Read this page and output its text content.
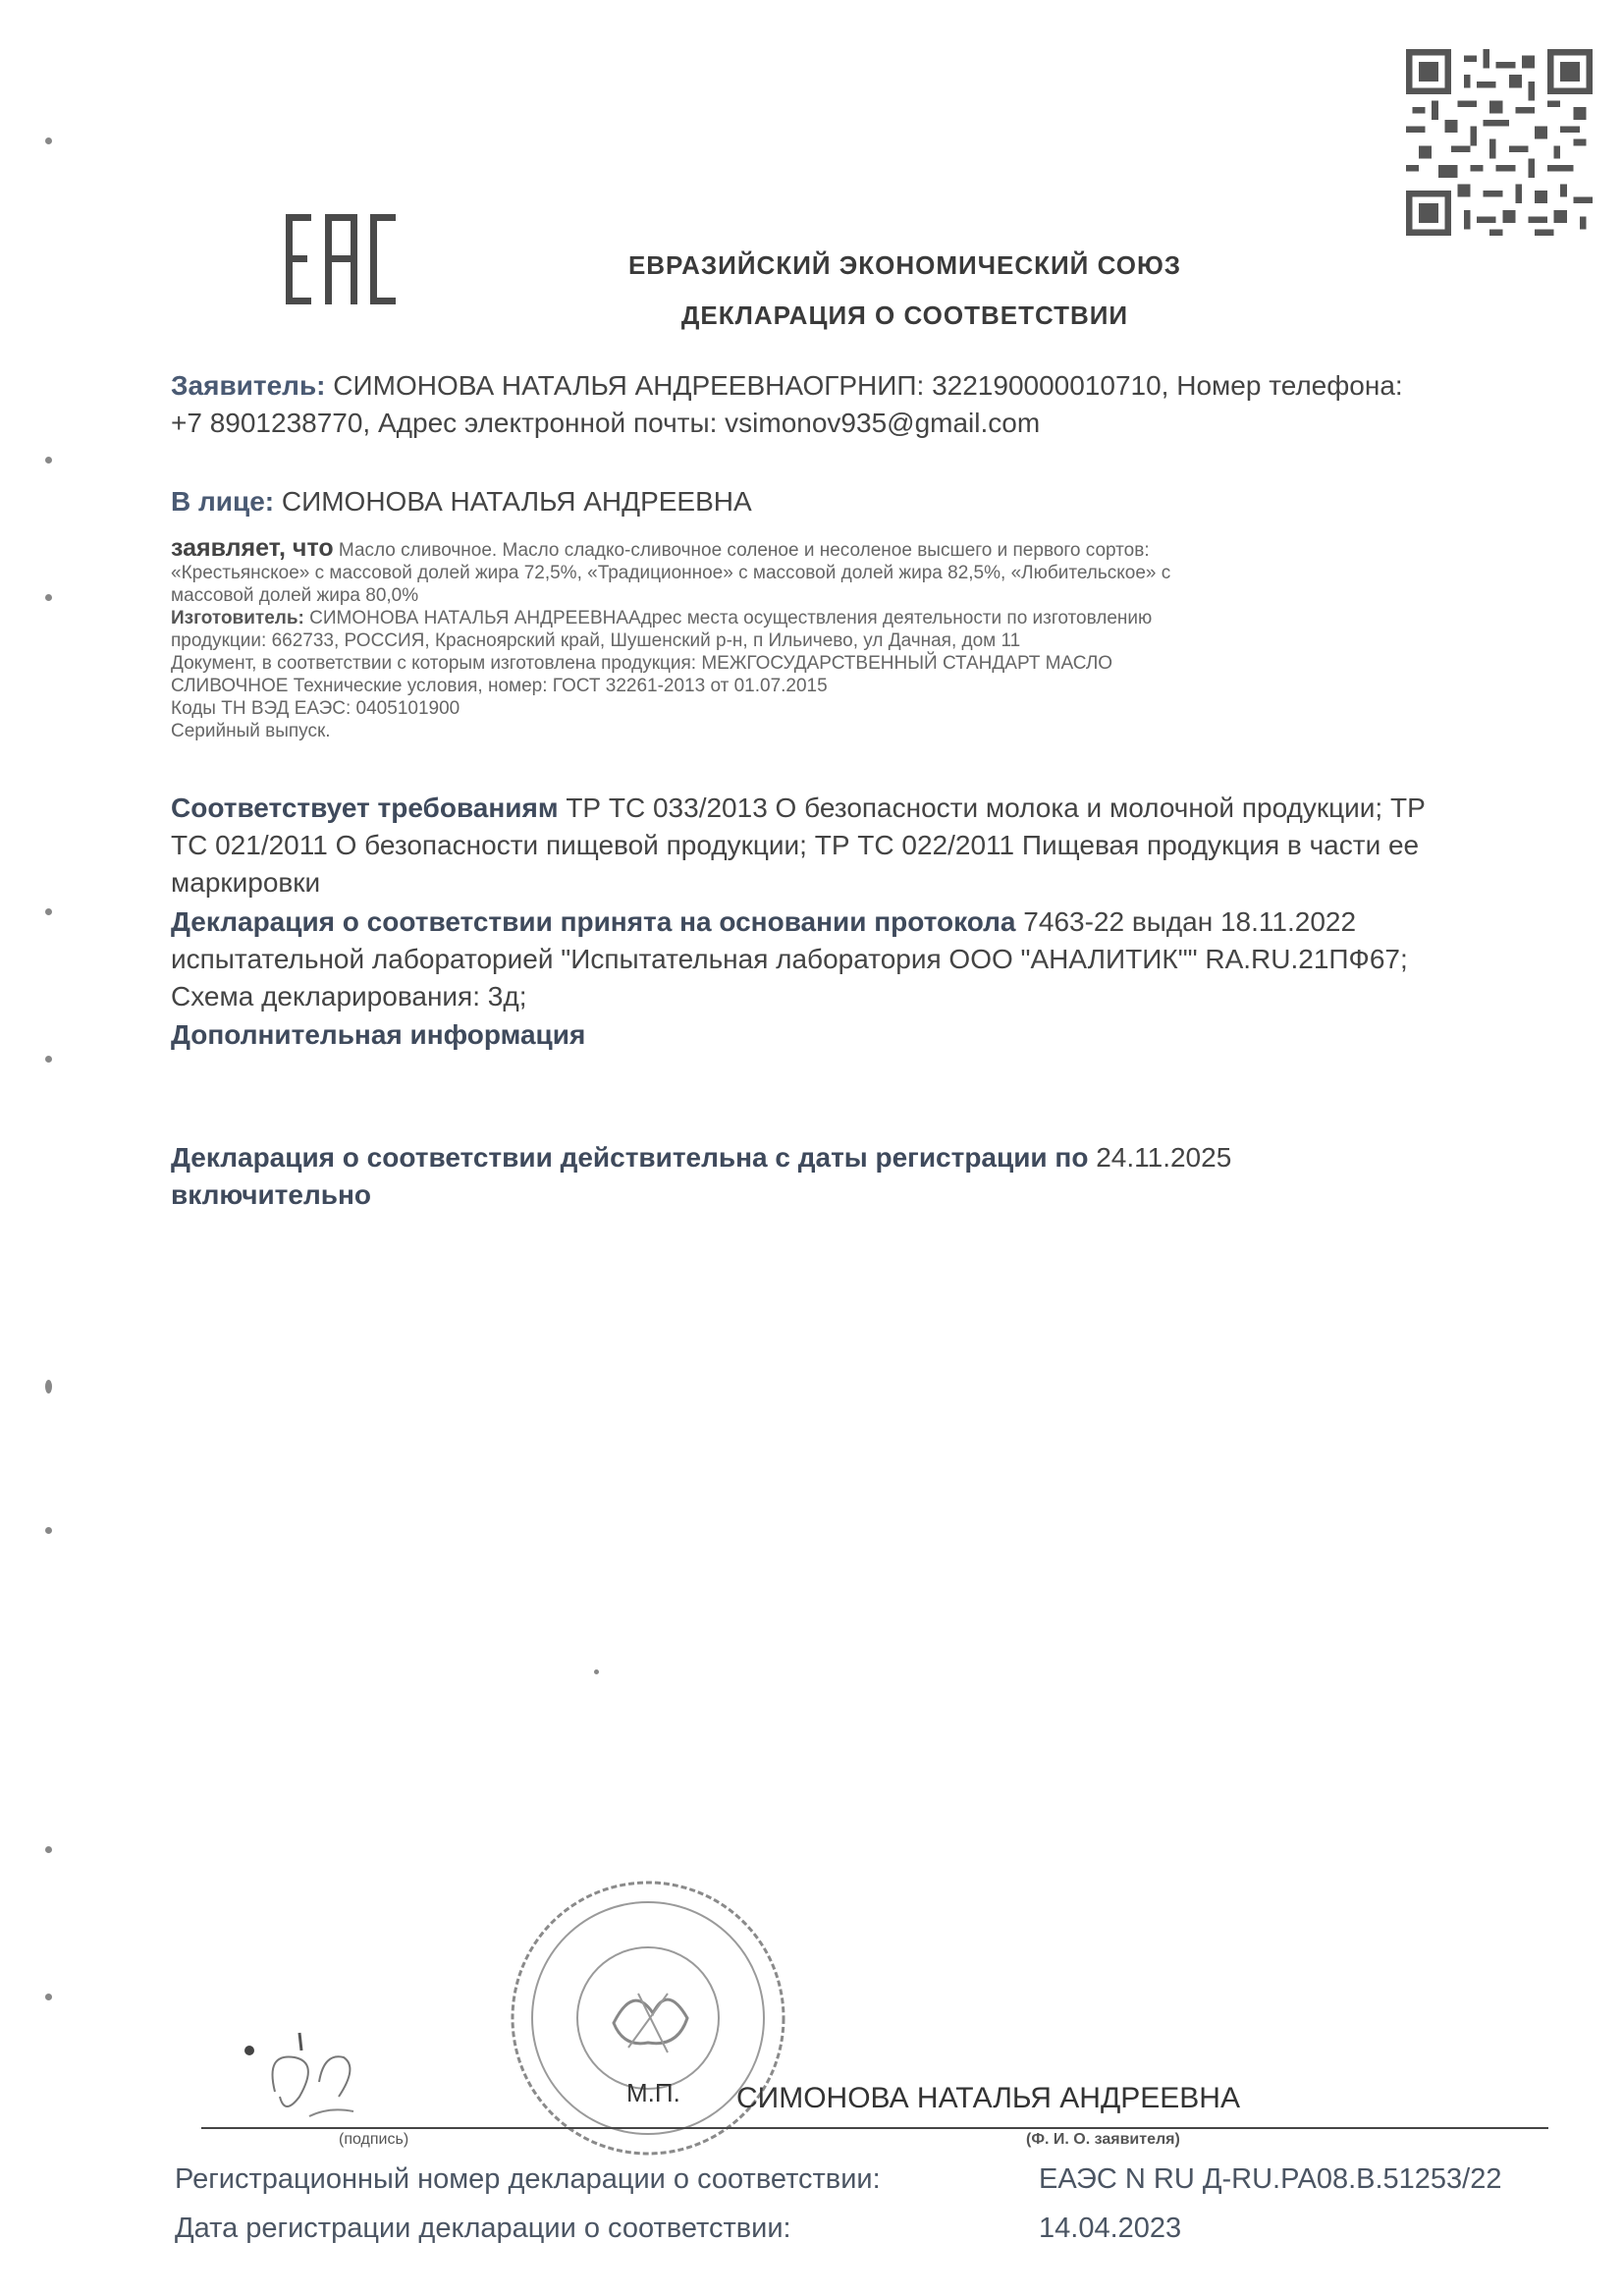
ЕВРАЗИЙСКИЙ ЭКОНОМИЧЕСКИЙ СОЮЗ
ДЕКЛАРАЦИЯ О СООТВЕТСТВИИ
Заявитель: СИМОНОВА НАТАЛЬЯ АНДРЕЕВНАОГРНИП: 322190000010710, Номер телефона:
+7 8901238770, Адрес электронной почты: vsimonov935@gmail.com
В лице: СИМОНОВА НАТАЛЬЯ АНДРЕЕВНА
заявляет, что Масло сливочное. Масло сладко-сливочное соленое и несоленое высшего и первого сортов:
«Крестьянское» с массовой долей жира 72,5%, «Традиционное» с массовой долей жира 82,5%, «Любительское» с
массовой долей жира 80,0%
Изготовитель: СИМОНОВА НАТАЛЬЯ АНДРЕЕВНААдрес места осуществления деятельности по изготовлению
продукции: 662733, РОССИЯ, Красноярский край, Шушенский р-н, п Ильичево, ул Дачная, дом 11
Документ, в соответствии с которым изготовлена продукция: МЕЖГОСУДАРСТВЕННЫЙ СТАНДАРТ МАСЛО
СЛИВОЧНОЕ Технические условия, номер: ГОСТ 32261-2013 от 01.07.2015
Коды ТН ВЭД ЕАЭС: 0405101900
Серийный выпуск.
Соответствует требованиям ТР ТС 033/2013 О безопасности молока и молочной продукции; ТР
ТС 021/2011 О безопасности пищевой продукции; ТР ТС 022/2011 Пищевая продукция в части ее
маркировки
Декларация о соответствии принята на основании протокола 7463-22 выдан 18.11.2022
испытательной лабораторией "Испытательная лаборатория ООО "АНАЛИТИК"" RA.RU.21ПФ67;
Схема декларирования: 3д;
Дополнительная информация
Декларация о соответствии действительна с даты регистрации по 24.11.2025
включительно
М.П. СИМОНОВА НАТАЛЬЯ АНДРЕЕВНА
(подпись)	(Ф. И. О. заявителя)
Регистрационный номер декларации о соответствии:	ЕАЭС N RU Д-RU.РА08.В.51253/22
Дата регистрации декларации о соответствии:	14.04.2023
